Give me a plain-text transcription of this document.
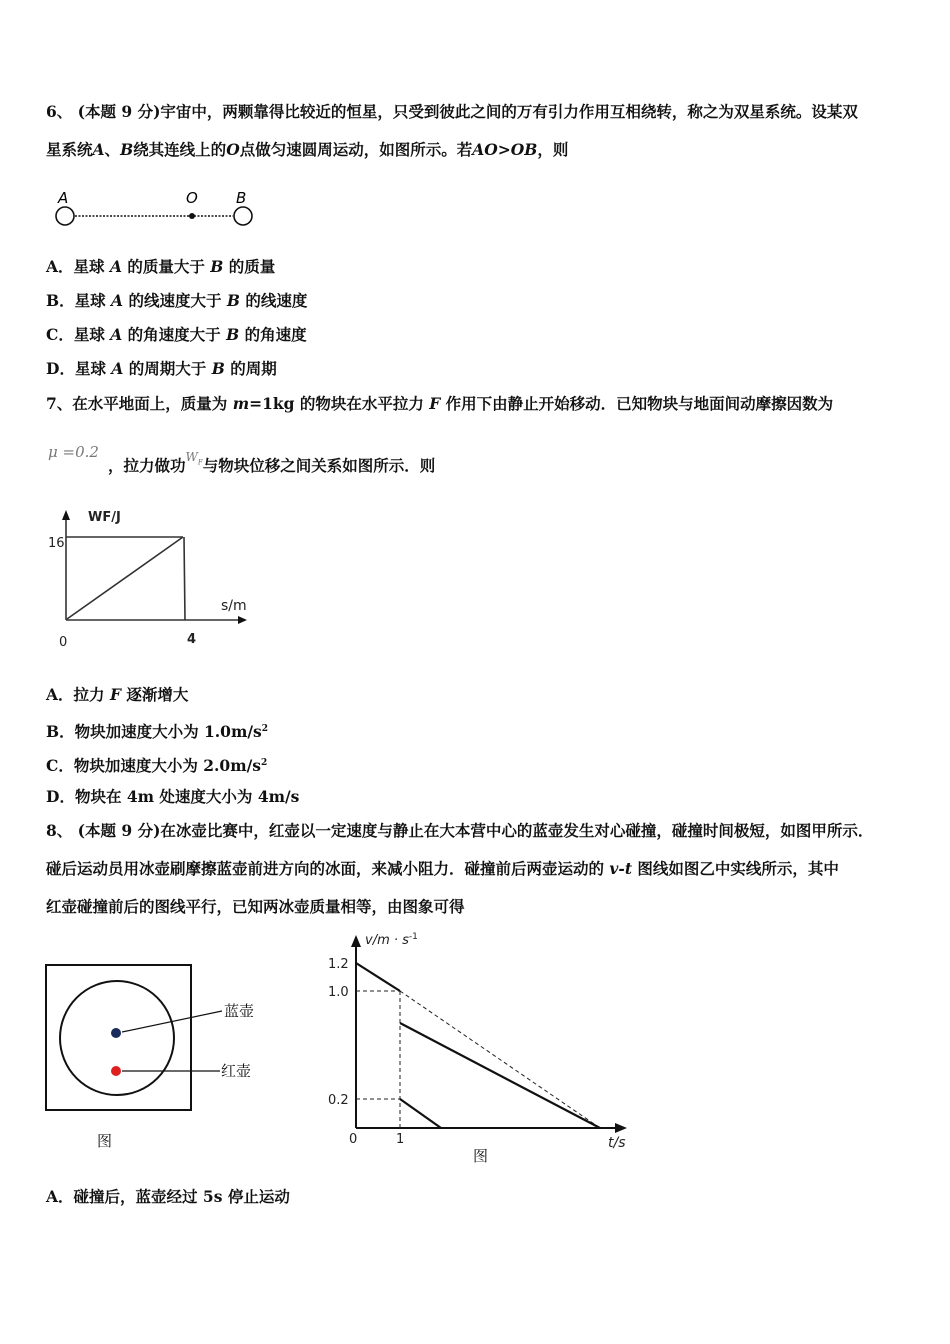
6、 (本题 9 分)宇宙中，两颗靠得比较近的恒星，只受到彼此之间的万有引力作用互相绕转，称之为双星系统。设某双
星系统A、B绕其连线上的O点做匀速圆周运动，如图所示。若AO>OB，则
A	O	B
WF/J
16
s/m
4
0
$v/m \cdot s^{-1}$
1.2
1.0
0.2
0	1	t/s
A．星球 A 的质量大于 B 的质量
B．星球 A 的线速度大于 B 的线速度
C．星球 A 的角速度大于 B 的角速度
D．星球 A 的周期大于 B 的周期
7、在水平地面上，质量为 m=1kg 的物块在水平拉力 F 作用下由静止开始移动．已知物块与地面间动摩擦因数为
μ =0.2
，拉力做功$^{W_F}$与物块位移之间关系如图所示．则
A．拉力 F 逐渐增大
B．物块加速度大小为 $1.0m/s^2$
C．物块加速度大小为 $2.0m/s^2$
D．物块在 4m 处速度大小为 4m/s
8、 (本题 9 分)在冰壶比赛中，红壶以一定速度与静止在大本营中心的蓝壶发生对心碰撞，碰撞时间极短，如图甲所示．
碰后运动员用冰壶刷摩擦蓝壶前进方向的冰面，来减小阻力．碰撞前后两壶运动的 v-t 图线如图乙中实线所示，其中
红壶碰撞前后的图线平行，已知两冰壶质量相等，由图象可得
蓝壶
红壶
图
图
A．碰撞后，蓝壶经过 5s 停止运动
